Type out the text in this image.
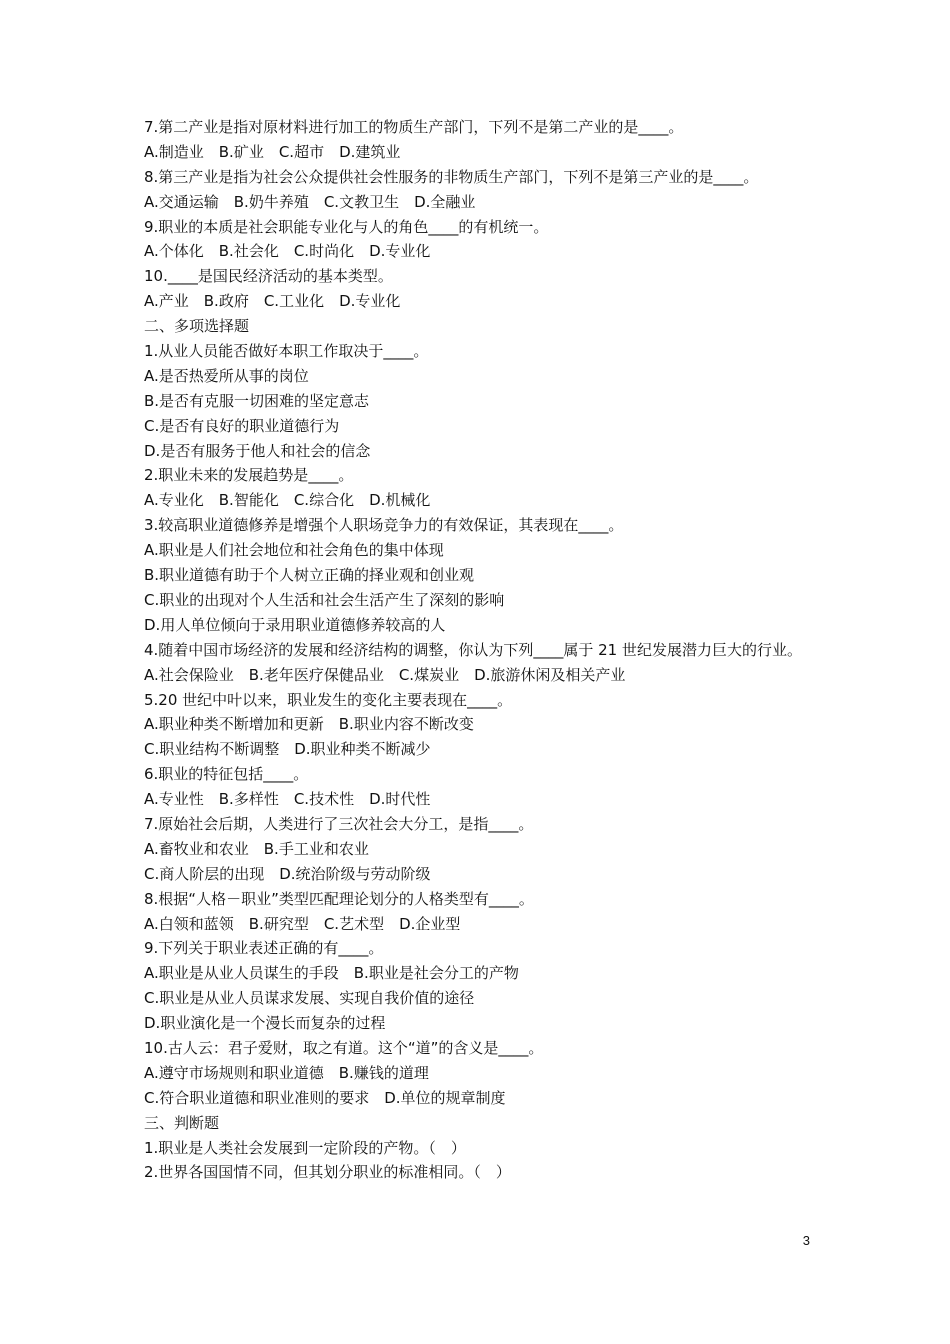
7.第二产业是指对原材料进行加工的物质生产部门，下列不是第二产业的是____。
A.制造业　B.矿业　C.超市　D.建筑业
8.第三产业是指为社会公众提供社会性服务的非物质生产部门，下列不是第三产业的是____。
A.交通运输　B.奶牛养殖　C.文教卫生　D.全融业
9.职业的本质是社会职能专业化与人的角色____的有机统一。
A.个体化　B.社会化　C.时尚化　D.专业化
10.____是国民经济活动的基本类型。
A.产业　B.政府　C.工业化　D.专业化
二、多项选择题
1.从业人员能否做好本职工作取决于____。
A.是否热爱所从事的岗位
B.是否有克服一切困难的坚定意志
C.是否有良好的职业道德行为
D.是否有服务于他人和社会的信念
2.职业未来的发展趋势是____。
A.专业化　B.智能化　C.综合化　D.机械化
3.较高职业道德修养是增强个人职场竞争力的有效保证，其表现在____。
A.职业是人们社会地位和社会角色的集中体现
B.职业道德有助于个人树立正确的择业观和创业观
C.职业的出现对个人生活和社会生活产生了深刻的影响
D.用人单位倾向于录用职业道德修养较高的人
4.随着中国市场经济的发展和经济结构的调整，你认为下列____属于 21 世纪发展潜力巨大的行业。
A.社会保险业　B.老年医疗保健品业　C.煤炭业　D.旅游休闲及相关产业
5.20 世纪中叶以来，职业发生的变化主要表现在____。
A.职业种类不断增加和更新　B.职业内容不断改变
C.职业结构不断调整　D.职业种类不断减少
6.职业的特征包括____。
A.专业性　B.多样性　C.技术性　D.时代性
7.原始社会后期，人类进行了三次社会大分工，是指____。
A.畜牧业和农业　B.手工业和农业
C.商人阶层的出现　D.统治阶级与劳动阶级
8.根据“人格－职业”类型匹配理论划分的人格类型有____。
A.白领和蓝领　B.研究型　C.艺术型　D.企业型
9.下列关于职业表述正确的有____。
A.职业是从业人员谋生的手段　B.职业是社会分工的产物
C.职业是从业人员谋求发展、实现自我价值的途径
D.职业演化是一个漫长而复杂的过程
10.古人云：君子爱财，取之有道。这个“道”的含义是____。
A.遵守市场规则和职业道德　B.赚钱的道理
C.符合职业道德和职业准则的要求　D.单位的规章制度
三、判断题
1.职业是人类社会发展到一定阶段的产物。（　）
2.世界各国国情不同，但其划分职业的标准相同。（　）
3
